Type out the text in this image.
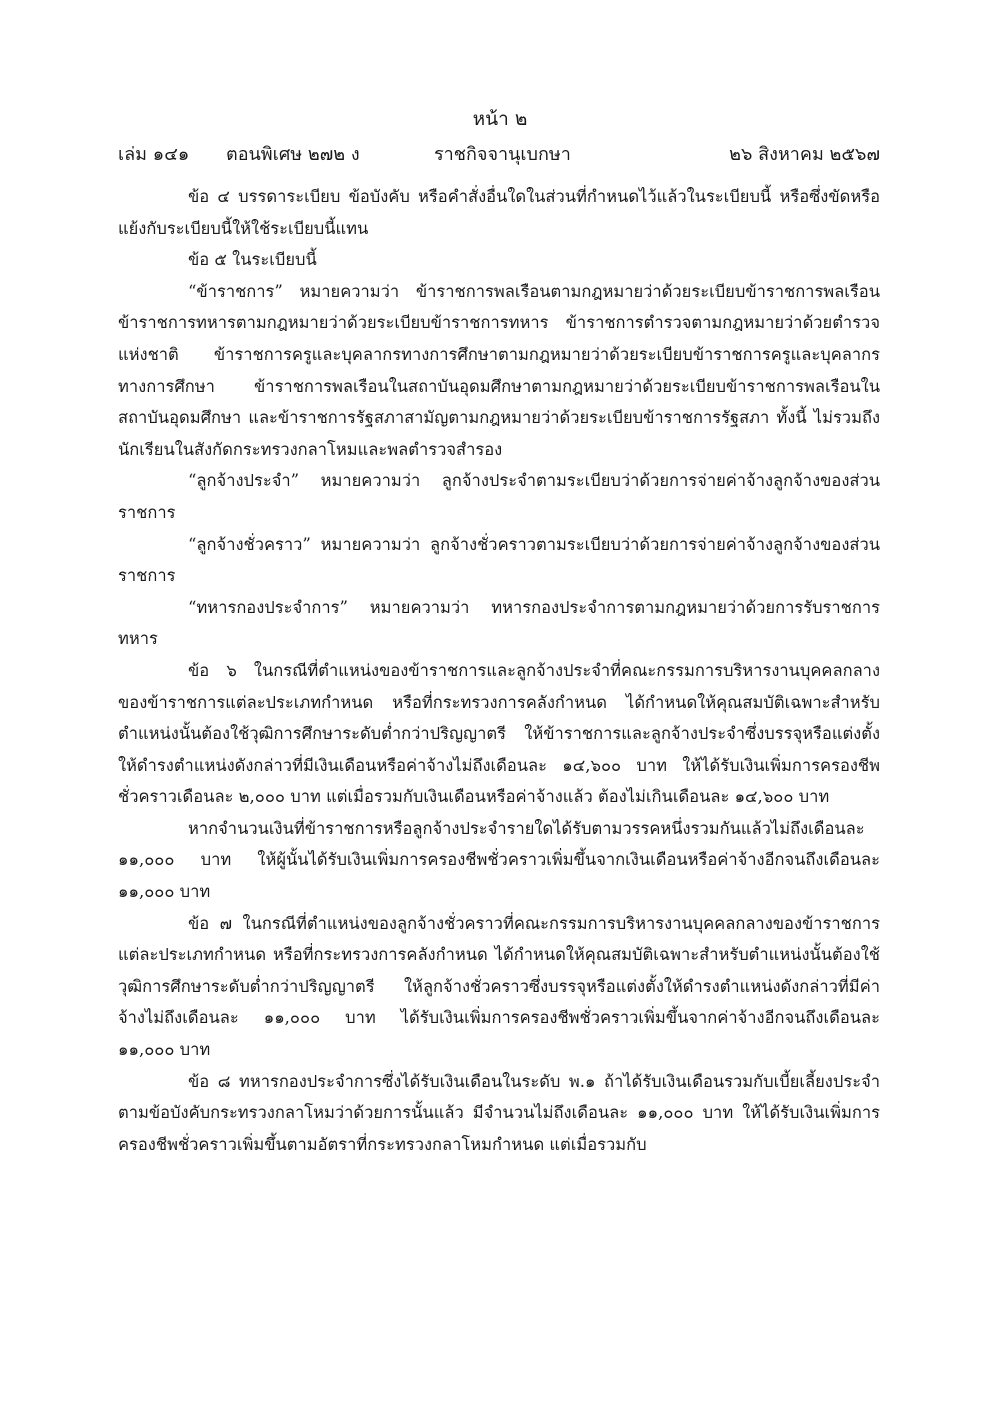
หน้า ๒
เล่ม ๑๔๑ ตอนพิเศษ ๒๗๒ ง	ราชกิจจานุเบกษา	๒๖ สิงหาคม ๒๕๖๗

ข้อ ๔ บรรดาระเบียบ ข้อบังคับ หรือคำสั่งอื่นใดในส่วนที่กำหนดไว้แล้วในระเบียบนี้ หรือซึ่งขัดหรือแย้งกับระเบียบนี้ให้ใช้ระเบียบนี้แทน

ข้อ ๕ ในระเบียบนี้

“ข้าราชการ” หมายความว่า ข้าราชการพลเรือนตามกฎหมายว่าด้วยระเบียบข้าราชการพลเรือน ข้าราชการทหารตามกฎหมายว่าด้วยระเบียบข้าราชการทหาร ข้าราชการตำรวจตามกฎหมายว่าด้วยตำรวจแห่งชาติ ข้าราชการครูและบุคลากรทางการศึกษาตามกฎหมายว่าด้วยระเบียบข้าราชการครูและบุคลากรทางการศึกษา ข้าราชการพลเรือนในสถาบันอุดมศึกษาตามกฎหมายว่าด้วยระเบียบข้าราชการพลเรือนในสถาบันอุดมศึกษา และข้าราชการรัฐสภาสามัญตามกฎหมายว่าด้วยระเบียบข้าราชการรัฐสภา ทั้งนี้ ไม่รวมถึงนักเรียนในสังกัดกระทรวงกลาโหมและพลตำรวจสำรอง

“ลูกจ้างประจำ” หมายความว่า ลูกจ้างประจำตามระเบียบว่าด้วยการจ่ายค่าจ้างลูกจ้างของส่วนราชการ

“ลูกจ้างชั่วคราว” หมายความว่า ลูกจ้างชั่วคราวตามระเบียบว่าด้วยการจ่ายค่าจ้างลูกจ้างของส่วนราชการ

“ทหารกองประจำการ” หมายความว่า ทหารกองประจำการตามกฎหมายว่าด้วยการรับราชการทหาร

ข้อ ๖ ในกรณีที่ตำแหน่งของข้าราชการและลูกจ้างประจำที่คณะกรรมการบริหารงานบุคคลกลางของข้าราชการแต่ละประเภทกำหนด หรือที่กระทรวงการคลังกำหนด ได้กำหนดให้คุณสมบัติเฉพาะสำหรับตำแหน่งนั้นต้องใช้วุฒิการศึกษาระดับต่ำกว่าปริญญาตรี ให้ข้าราชการและลูกจ้างประจำซึ่งบรรจุหรือแต่งตั้งให้ดำรงตำแหน่งดังกล่าวที่มีเงินเดือนหรือค่าจ้างไม่ถึงเดือนละ ๑๔,๖๐๐ บาท ให้ได้รับเงินเพิ่มการครองชีพชั่วคราวเดือนละ ๒,๐๐๐ บาท แต่เมื่อรวมกับเงินเดือนหรือค่าจ้างแล้ว ต้องไม่เกินเดือนละ ๑๔,๖๐๐ บาท

หากจำนวนเงินที่ข้าราชการหรือลูกจ้างประจำรายใดได้รับตามวรรคหนึ่งรวมกันแล้วไม่ถึงเดือนละ ๑๑,๐๐๐ บาท ให้ผู้นั้นได้รับเงินเพิ่มการครองชีพชั่วคราวเพิ่มขึ้นจากเงินเดือนหรือค่าจ้างอีกจนถึงเดือนละ ๑๑,๐๐๐ บาท

ข้อ ๗ ในกรณีที่ตำแหน่งของลูกจ้างชั่วคราวที่คณะกรรมการบริหารงานบุคคลกลางของข้าราชการแต่ละประเภทกำหนด หรือที่กระทรวงการคลังกำหนด ได้กำหนดให้คุณสมบัติเฉพาะสำหรับตำแหน่งนั้นต้องใช้วุฒิการศึกษาระดับต่ำกว่าปริญญาตรี ให้ลูกจ้างชั่วคราวซึ่งบรรจุหรือแต่งตั้งให้ดำรงตำแหน่งดังกล่าวที่มีค่าจ้างไม่ถึงเดือนละ ๑๑,๐๐๐ บาท ได้รับเงินเพิ่มการครองชีพชั่วคราวเพิ่มขึ้นจากค่าจ้างอีกจนถึงเดือนละ ๑๑,๐๐๐ บาท

ข้อ ๘ ทหารกองประจำการซึ่งได้รับเงินเดือนในระดับ พ.๑ ถ้าได้รับเงินเดือนรวมกับเบี้ยเลี้ยงประจำตามข้อบังคับกระทรวงกลาโหมว่าด้วยการนั้นแล้ว มีจำนวนไม่ถึงเดือนละ ๑๑,๐๐๐ บาท ให้ได้รับเงินเพิ่มการครองชีพชั่วคราวเพิ่มขึ้นตามอัตราที่กระทรวงกลาโหมกำหนด แต่เมื่อรวมกับ
